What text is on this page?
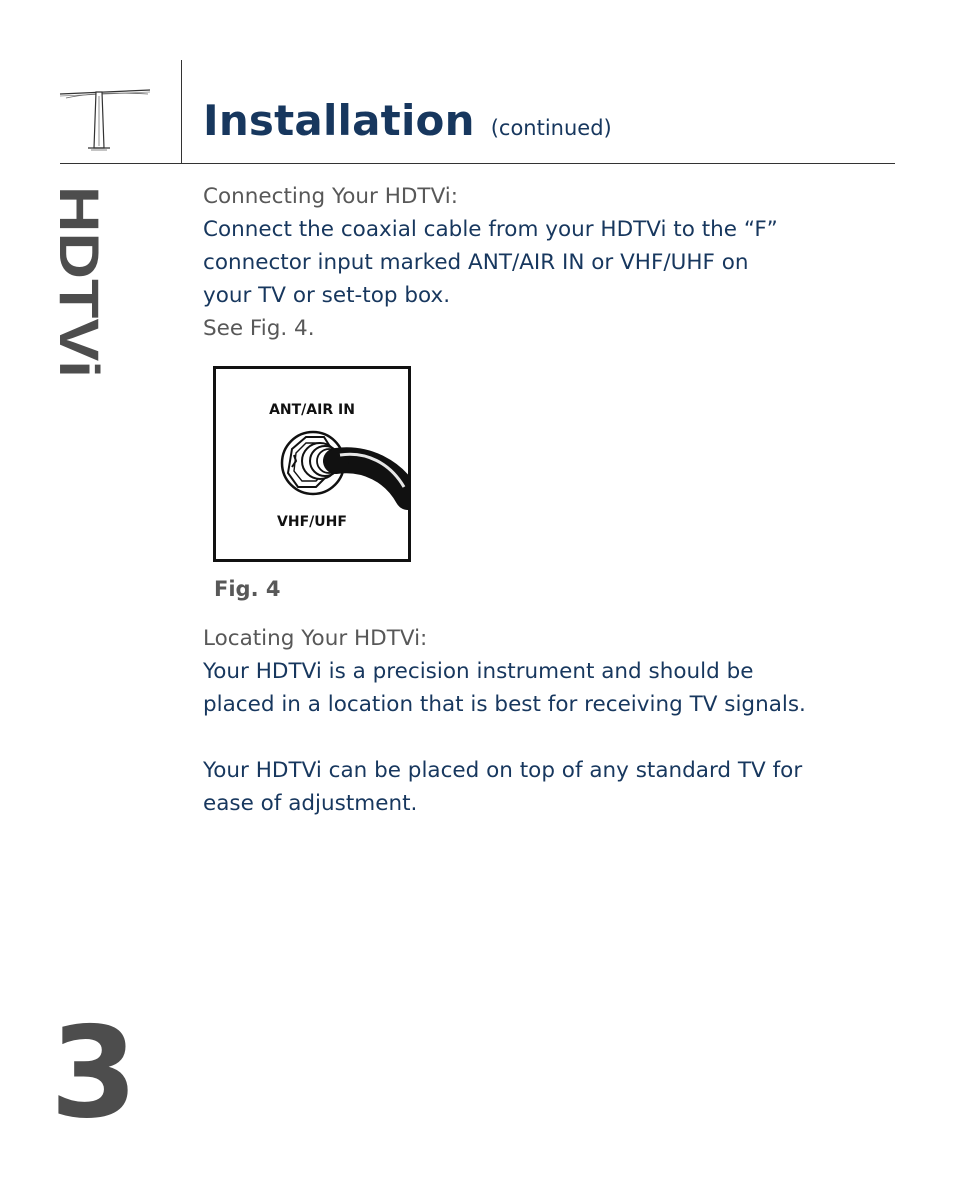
Installation (continued)
HDTVi	Connecting Your HDTVi:

Connect the coaxial cable from your HDTVi to the “F”

connector input marked ANT/AIR IN or VHF/UHF on

your TV or set-top box.

See Fig. 4.

ANT/AIR IN
VHF/UHF
Fig. 4

Locating Your HDTVi:

Your HDTVi is a precision instrument and should be

placed in a location that is best for receiving TV signals.

Your HDTVi can be placed on top of any standard TV for

ease of adjustment.

3
